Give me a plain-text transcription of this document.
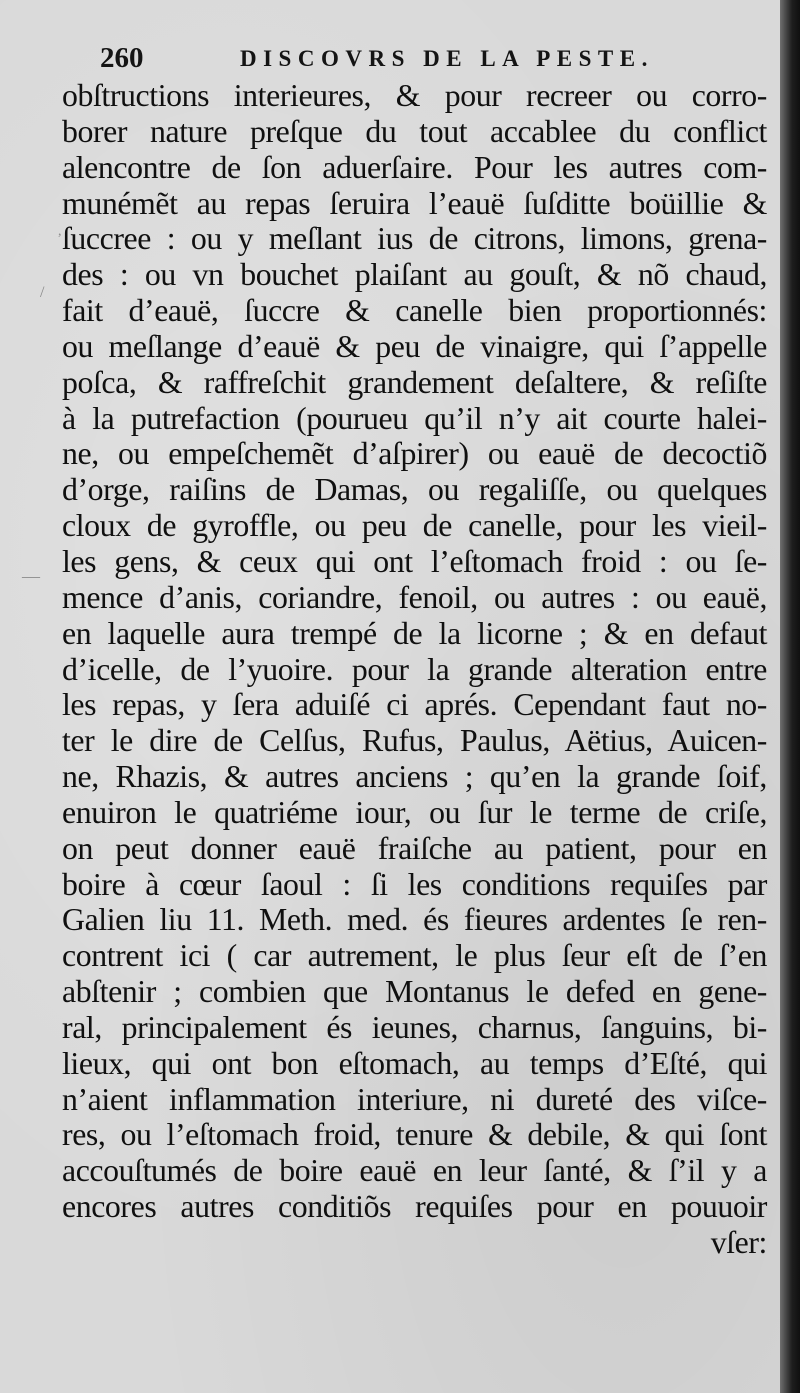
260	DISCOVRS DE LA PESTE.
obſtructions interieures, & pour recreer ou corro-
borer nature preſque du tout accablee du conflict
alencontre de ſon aduerſaire. Pour les autres com-
munémẽt au repas ſeruira l’eauë ſuſditte boüillie &
ſuccree : ou y meſlant ius de citrons, limons, grena-
des : ou vn bouchet plaiſant au gouſt, & nõ chaud,
fait d’eauë, ſuccre & canelle bien proportionnés:
ou meſlange d’eauë & peu de vinaigre, qui ſ’appelle
poſca, & raffreſchit grandement deſaltere, & reſiſte
à la putrefaction (pourueu qu’il n’y ait courte halei-
ne, ou empeſchemẽt d’aſpirer) ou eauë de decoctiõ
d’orge, raiſins de Damas, ou regaliſſe, ou quelques
cloux de gyroffle, ou peu de canelle, pour les vieil-
les gens, & ceux qui ont l’eſtomach froid : ou ſe-
mence d’anis, coriandre, fenoil, ou autres : ou eauë,
en laquelle aura trempé de la licorne ; & en defaut
d’icelle, de l’yuoire. pour la grande alteration entre
les repas, y ſera aduiſé ci aprés. Cependant faut no-
ter le dire de Celſus, Rufus, Paulus, Aëtius, Auicen-
ne, Rhazis, & autres anciens ; qu’en la grande ſoif,
enuiron le quatriéme iour, ou ſur le terme de criſe,
on peut donner eauë fraiſche au patient, pour en
boire à cœur ſaoul : ſi les conditions requiſes par
Galien liu 11. Meth. med. és fieures ardentes ſe ren-
contrent ici ( car autrement, le plus ſeur eſt de ſ’en
abſtenir ; combien que Montanus le defed en gene-
ral, principalement és ieunes, charnus, ſanguins, bi-
lieux, qui ont bon eſtomach, au temps d’Eſté, qui
n’aient inflammation interiure, ni dureté des viſce-
res, ou l’eſtomach froid, tenure & debile, & qui ſont
accouſtumés de boire eauë en leur ſanté, & ſ’il y a
encores autres conditiõs requiſes pour en pouuoir
vſer:
—
/
,
